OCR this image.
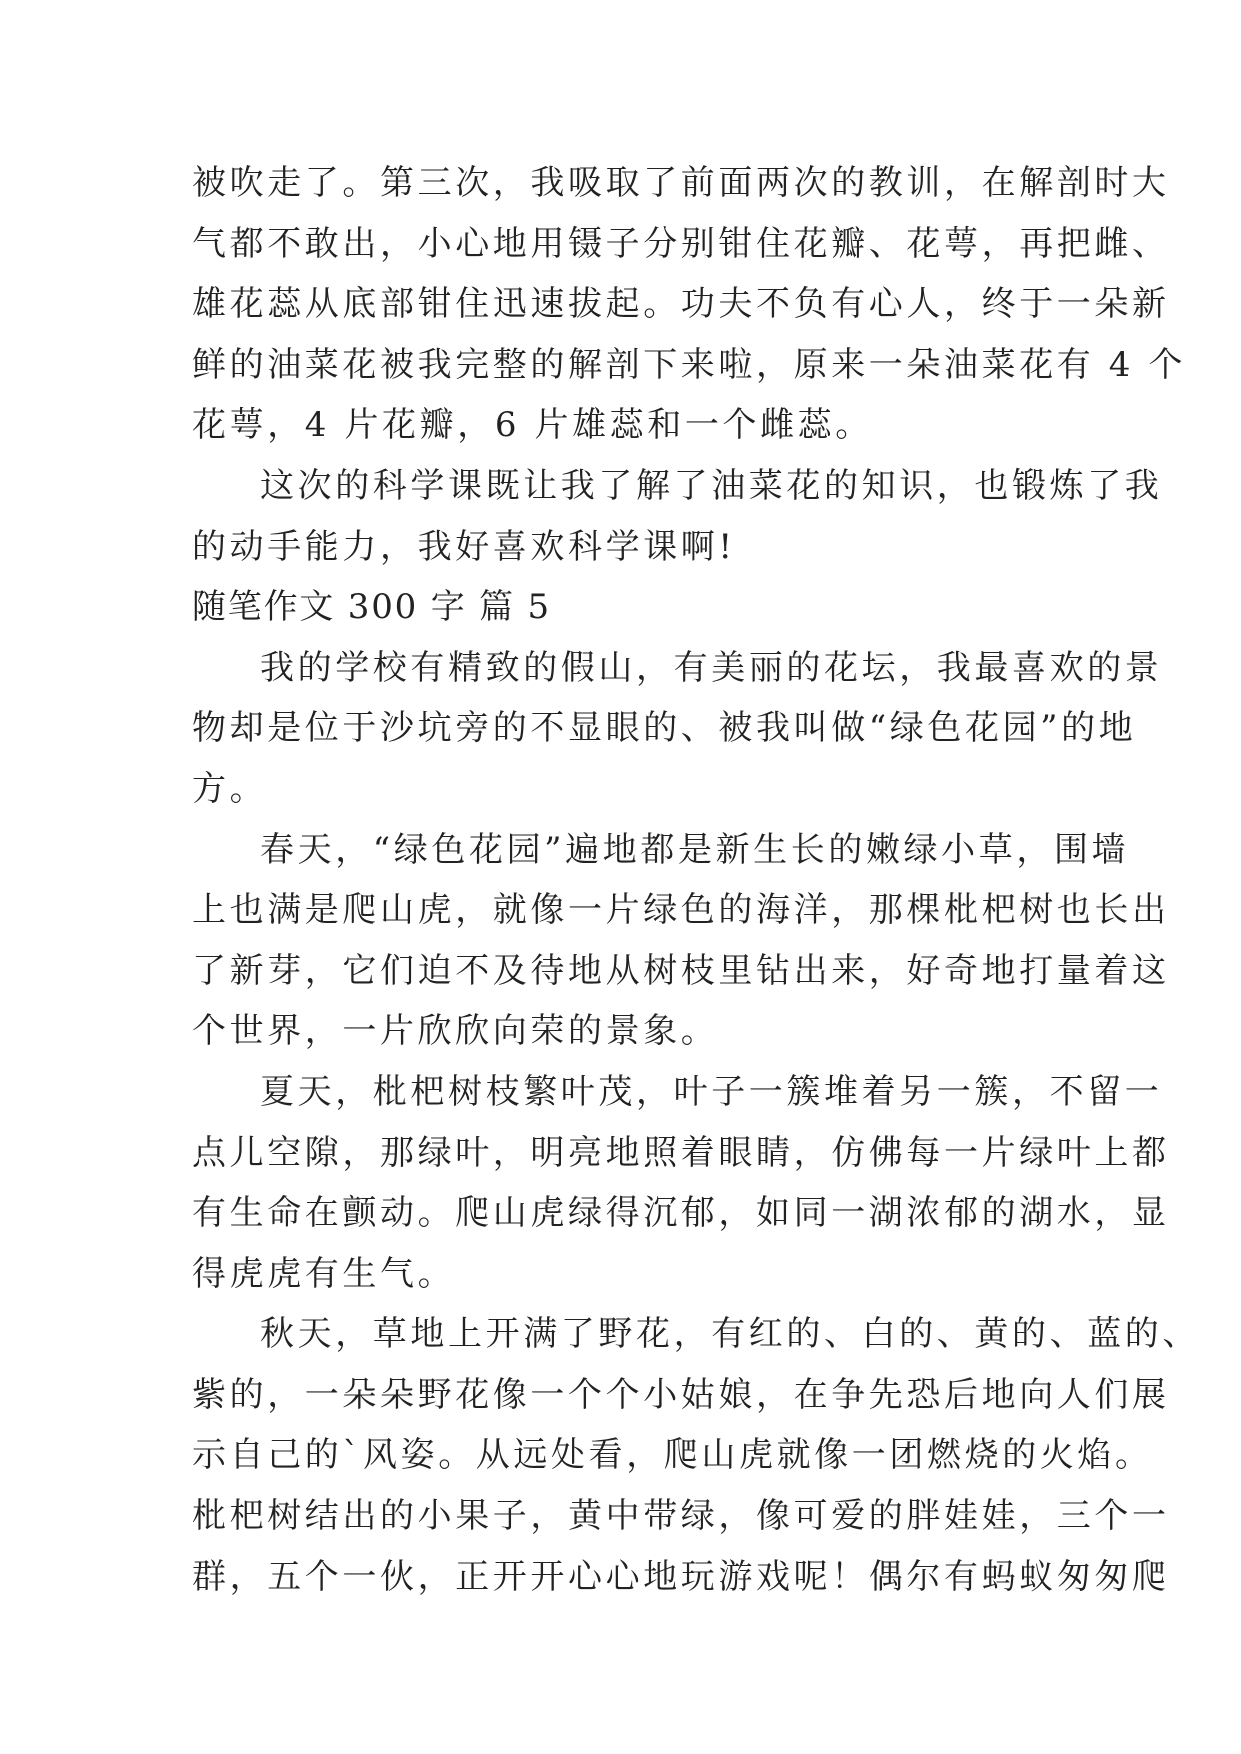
被吹走了。第三次，我吸取了前面两次的教训，在解剖时大
气都不敢出，小心地用镊子分别钳住花瓣、花萼，再把雌、
雄花蕊从底部钳住迅速拔起。功夫不负有心人，终于一朵新
鲜的油菜花被我完整的解剖下来啦，原来一朵油菜花有 4 个
花萼，4 片花瓣，6 片雄蕊和一个雌蕊。
这次的科学课既让我了解了油菜花的知识，也锻炼了我
的动手能力，我好喜欢科学课啊!
随笔作文 300 字 篇 5
我的学校有精致的假山，有美丽的花坛，我最喜欢的景
物却是位于沙坑旁的不显眼的、被我叫做“绿色花园”的地
方。
春天，“绿色花园”遍地都是新生长的嫩绿小草，围墙
上也满是爬山虎，就像一片绿色的海洋，那棵枇杷树也长出
了新芽，它们迫不及待地从树枝里钻出来，好奇地打量着这
个世界，一片欣欣向荣的景象。
夏天，枇杷树枝繁叶茂，叶子一簇堆着另一簇，不留一
点儿空隙，那绿叶，明亮地照着眼睛，仿佛每一片绿叶上都
有生命在颤动。爬山虎绿得沉郁，如同一湖浓郁的湖水，显
得虎虎有生气。
秋天，草地上开满了野花，有红的、白的、黄的、蓝的、
紫的，一朵朵野花像一个个小姑娘，在争先恐后地向人们展
示自己的`风姿。从远处看，爬山虎就像一团燃烧的火焰。
枇杷树结出的小果子，黄中带绿，像可爱的胖娃娃，三个一
群，五个一伙，正开开心心地玩游戏呢！偶尔有蚂蚁匆匆爬
